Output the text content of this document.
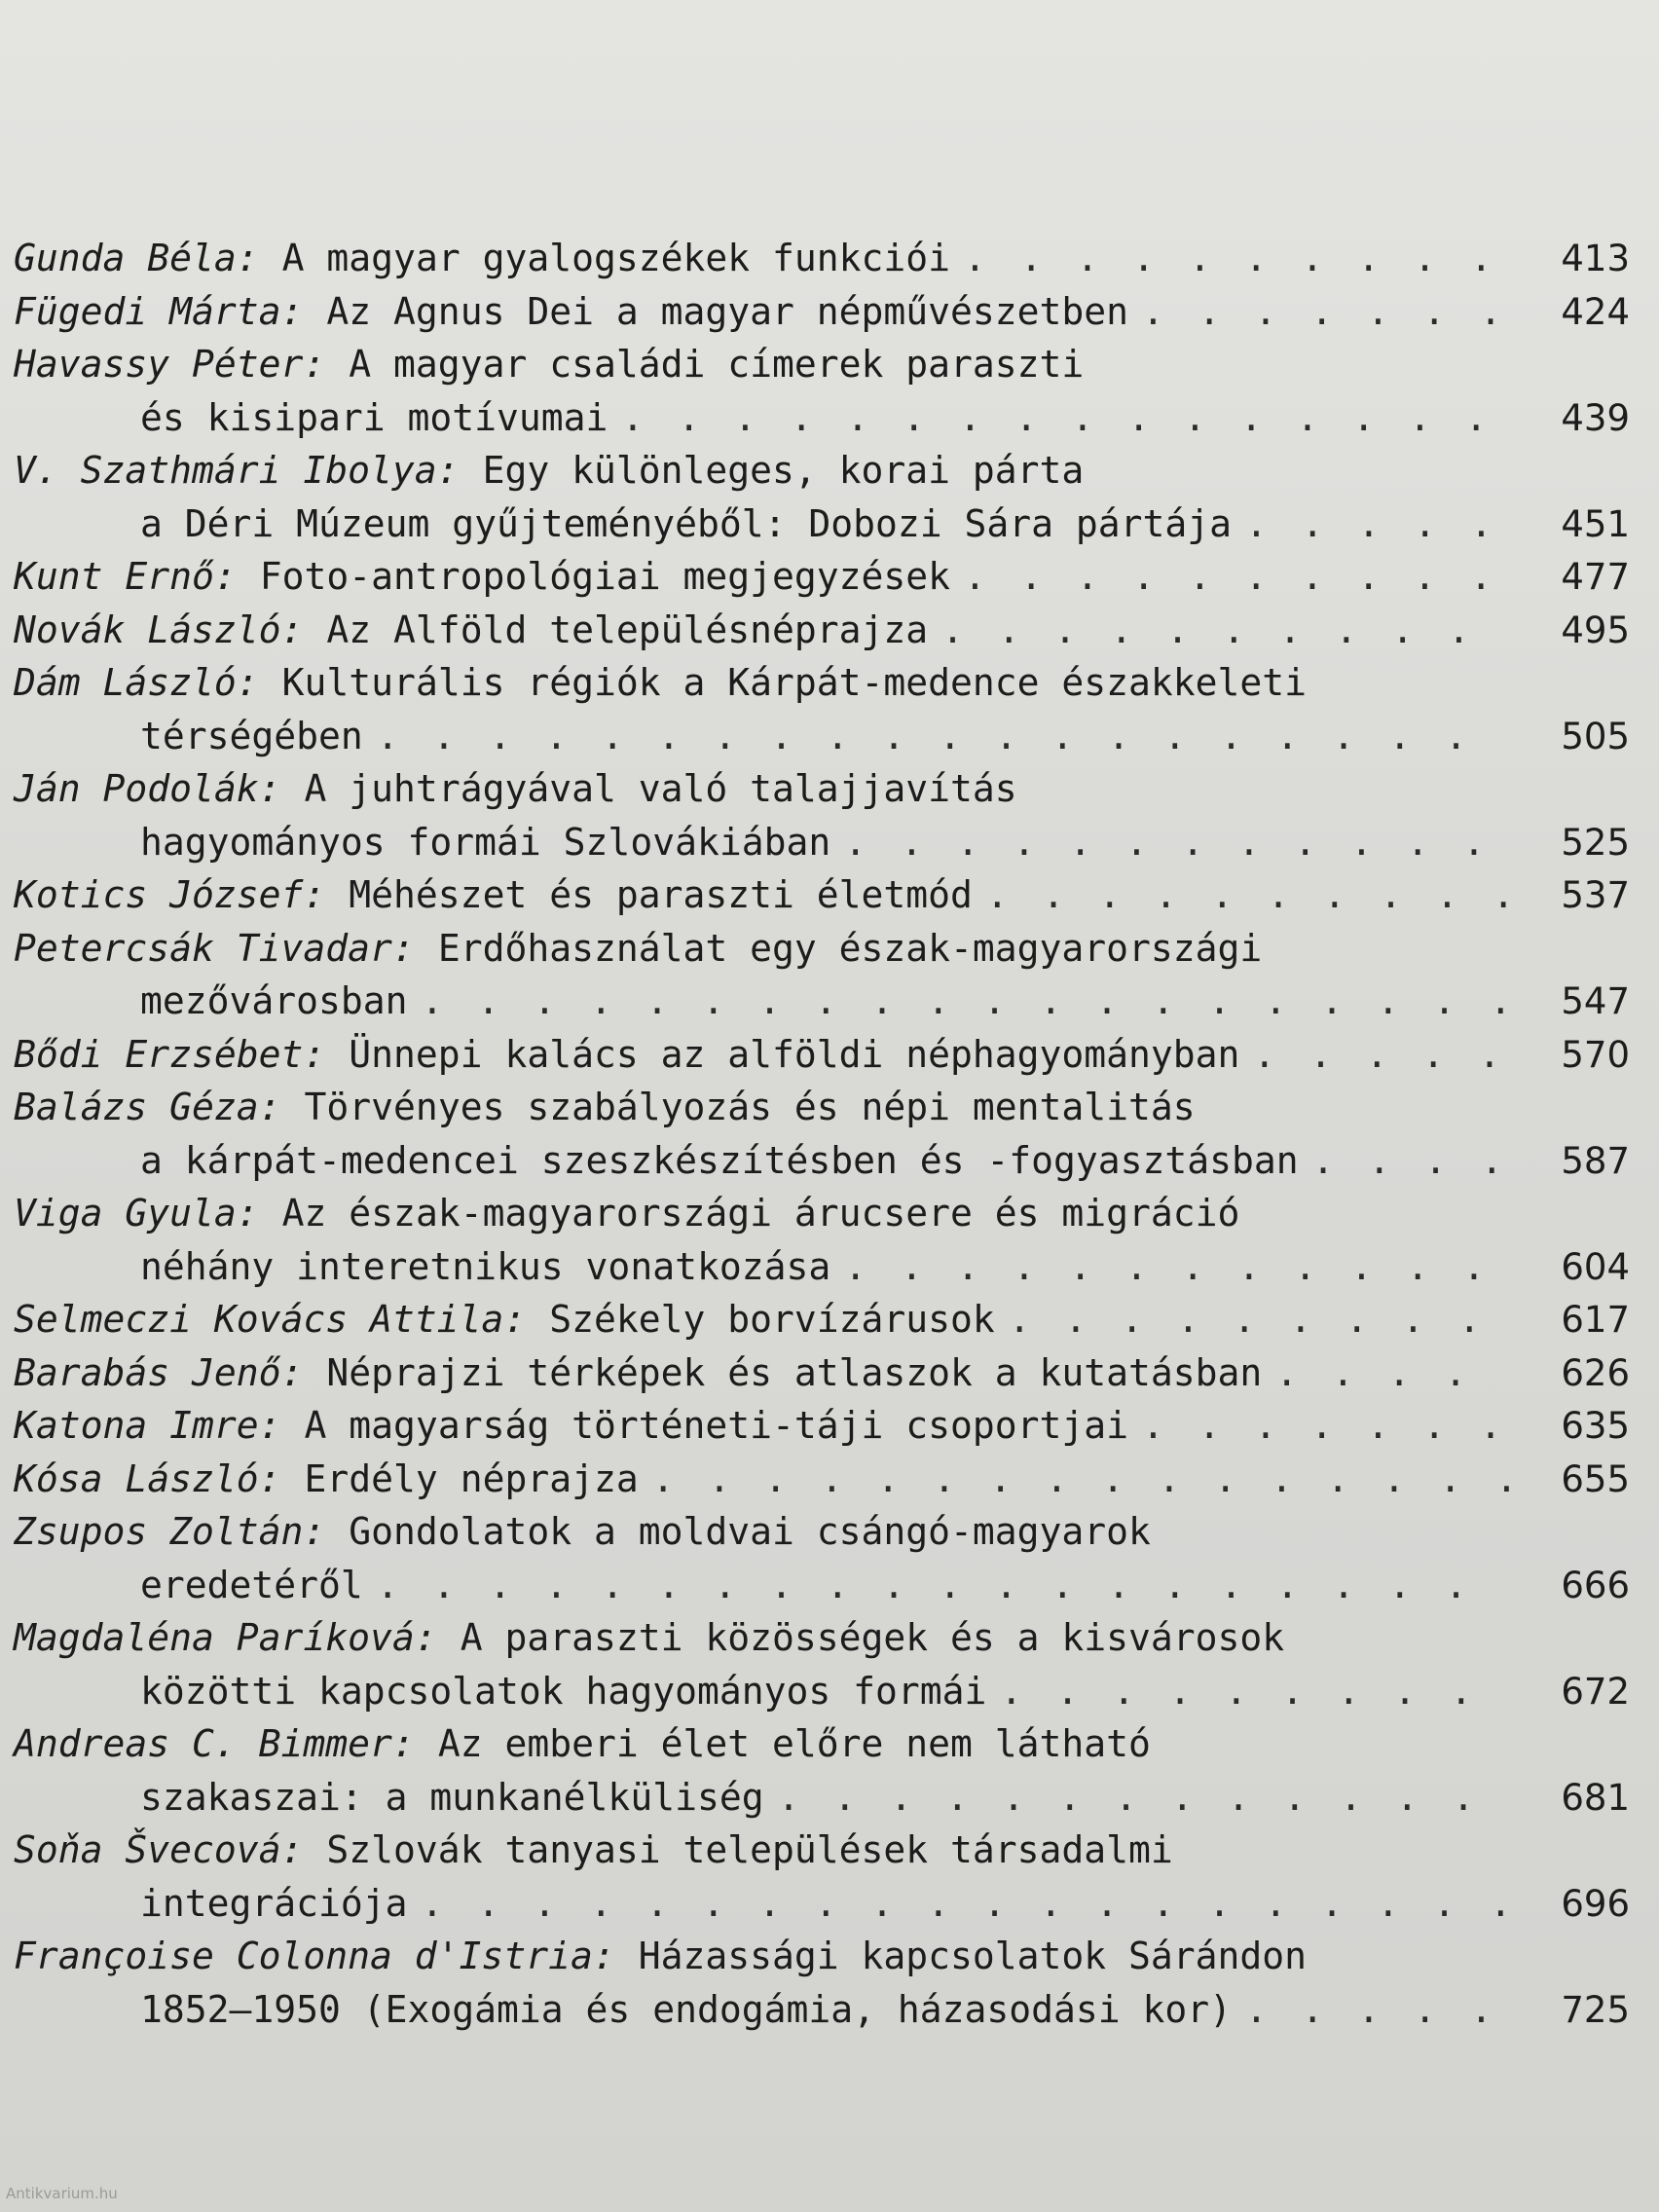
Gunda Béla: A magyar gyalogszékek funkciói . . .	413
Fügedi Márta: Az Agnus Dei a magyar népművészetben . . .	424
Havassy Péter: A magyar családi címerek paraszti
és kisipari motívumai . . .	439
V. Szathmári Ibolya: Egy különleges, korai párta
a Déri Múzeum gyűjteményéből: Dobozi Sára pártája . . .	451
Kunt Ernő: Foto-antropológiai megjegyzések . . .	477
Novák László: Az Alföld településnéprajza . . .	495
Dám László: Kulturális régiók a Kárpát-medence északkeleti
térségében . . .	505
Ján Podolák: A juhtrágyával való talajjavítás
hagyományos formái Szlovákiában . . .	525
Kotics József: Méhészet és paraszti életmód . . .	537
Petercsák Tivadar: Erdőhasználat egy észak-magyarországi
mezővárosban . . .	547
Bődi Erzsébet: Ünnepi kalács az alföldi néphagyományban . . .	570
Balázs Géza: Törvényes szabályozás és népi mentalitás
a kárpát-medencei szeszkészítésben és -fogyasztásban . . .	587
Viga Gyula: Az észak-magyarországi árucsere és migráció
néhány interetnikus vonatkozása . . .	604
Selmeczi Kovács Attila: Székely borvízárusok . . .	617
Barabás Jenő: Néprajzi térképek és atlaszok a kutatásban . . .	626
Katona Imre: A magyarság történeti-táji csoportjai . . .	635
Kósa László: Erdély néprajza . . .	655
Zsupos Zoltán: Gondolatok a moldvai csángó-magyarok
eredetéről . . .	666
Magdaléna Paríková: A paraszti közösségek és a kisvárosok
közötti kapcsolatok hagyományos formái . . .	672
Andreas C. Bimmer: Az emberi élet előre nem látható
szakaszai: a munkanélküliség . . .	681
Soňa Švecová: Szlovák tanyasi települések társadalmi
integrációja . . .	696
Françoise Colonna d'Istria: Házassági kapcsolatok Sárándon
1852—1950 (Exogámia és endogámia, házasodási kor) . . .	725
Antikvarium.hu
